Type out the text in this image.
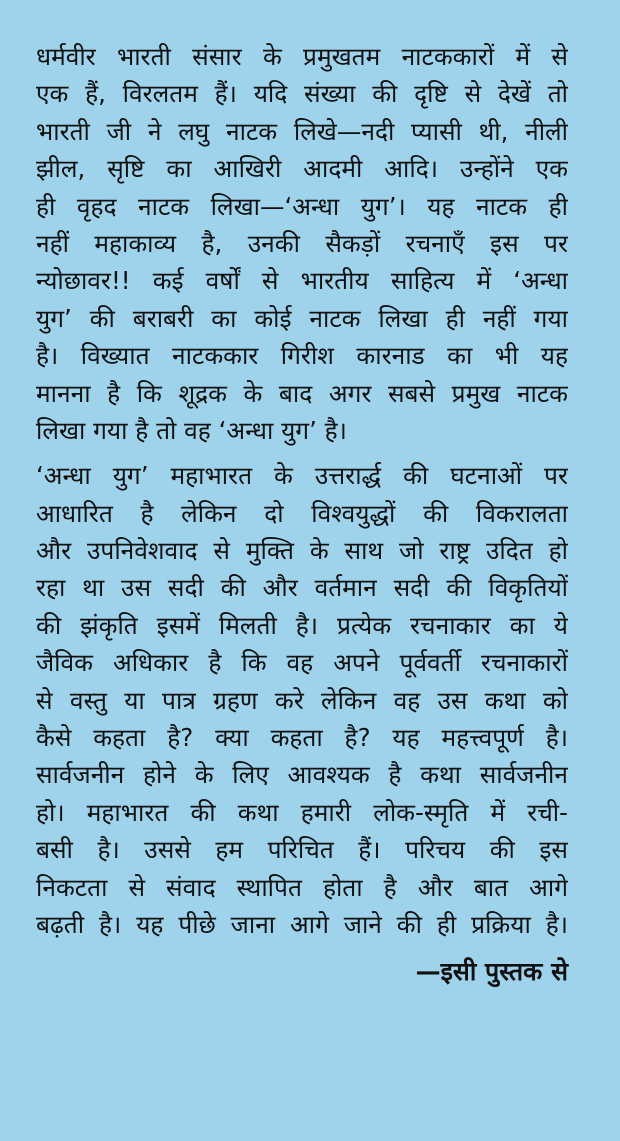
धर्मवीर भारती संसार के प्रमुखतम नाटककारों में से
एक हैं, विरलतम हैं। यदि संख्या की दृष्टि से देखें तो
भारती जी ने लघु नाटक लिखे—नदी प्यासी थी, नीली
झील, सृष्टि का आखिरी आदमी आदि। उन्होंने एक
ही वृहद नाटक लिखा—‘अन्धा युग’। यह नाटक ही
नहीं महाकाव्य है, उनकी सैकड़ों रचनाएँ इस पर
न्योछावर!! कई वर्षों से भारतीय साहित्य में ‘अन्धा
युग’ की बराबरी का कोई नाटक लिखा ही नहीं गया
है। विख्यात नाटककार गिरीश कारनाड का भी यह
मानना है कि शूद्रक के बाद अगर सबसे प्रमुख नाटक
लिखा गया है तो वह ‘अन्धा युग’ है।
‘अन्धा युग’ महाभारत के उत्तरार्द्ध की घटनाओं पर
आधारित है लेकिन दो विश्वयुद्धों की विकरालता
और उपनिवेशवाद से मुक्ति के साथ जो राष्ट्र उदित हो
रहा था उस सदी की और वर्तमान सदी की विकृतियों
की झंकृति इसमें मिलती है। प्रत्येक रचनाकार का ये
जैविक अधिकार है कि वह अपने पूर्ववर्ती रचनाकारों
से वस्तु या पात्र ग्रहण करे लेकिन वह उस कथा को
कैसे कहता है? क्या कहता है? यह महत्त्वपूर्ण है।
सार्वजनीन होने के लिए आवश्यक है कथा सार्वजनीन
हो। महाभारत की कथा हमारी लोक-स्मृति में रची-
बसी है। उससे हम परिचित हैं। परिचय की इस
निकटता से संवाद स्थापित होता है और बात आगे
बढ़ती है। यह पीछे जाना आगे जाने की ही प्रक्रिया है।
—इसी पुस्तक से
